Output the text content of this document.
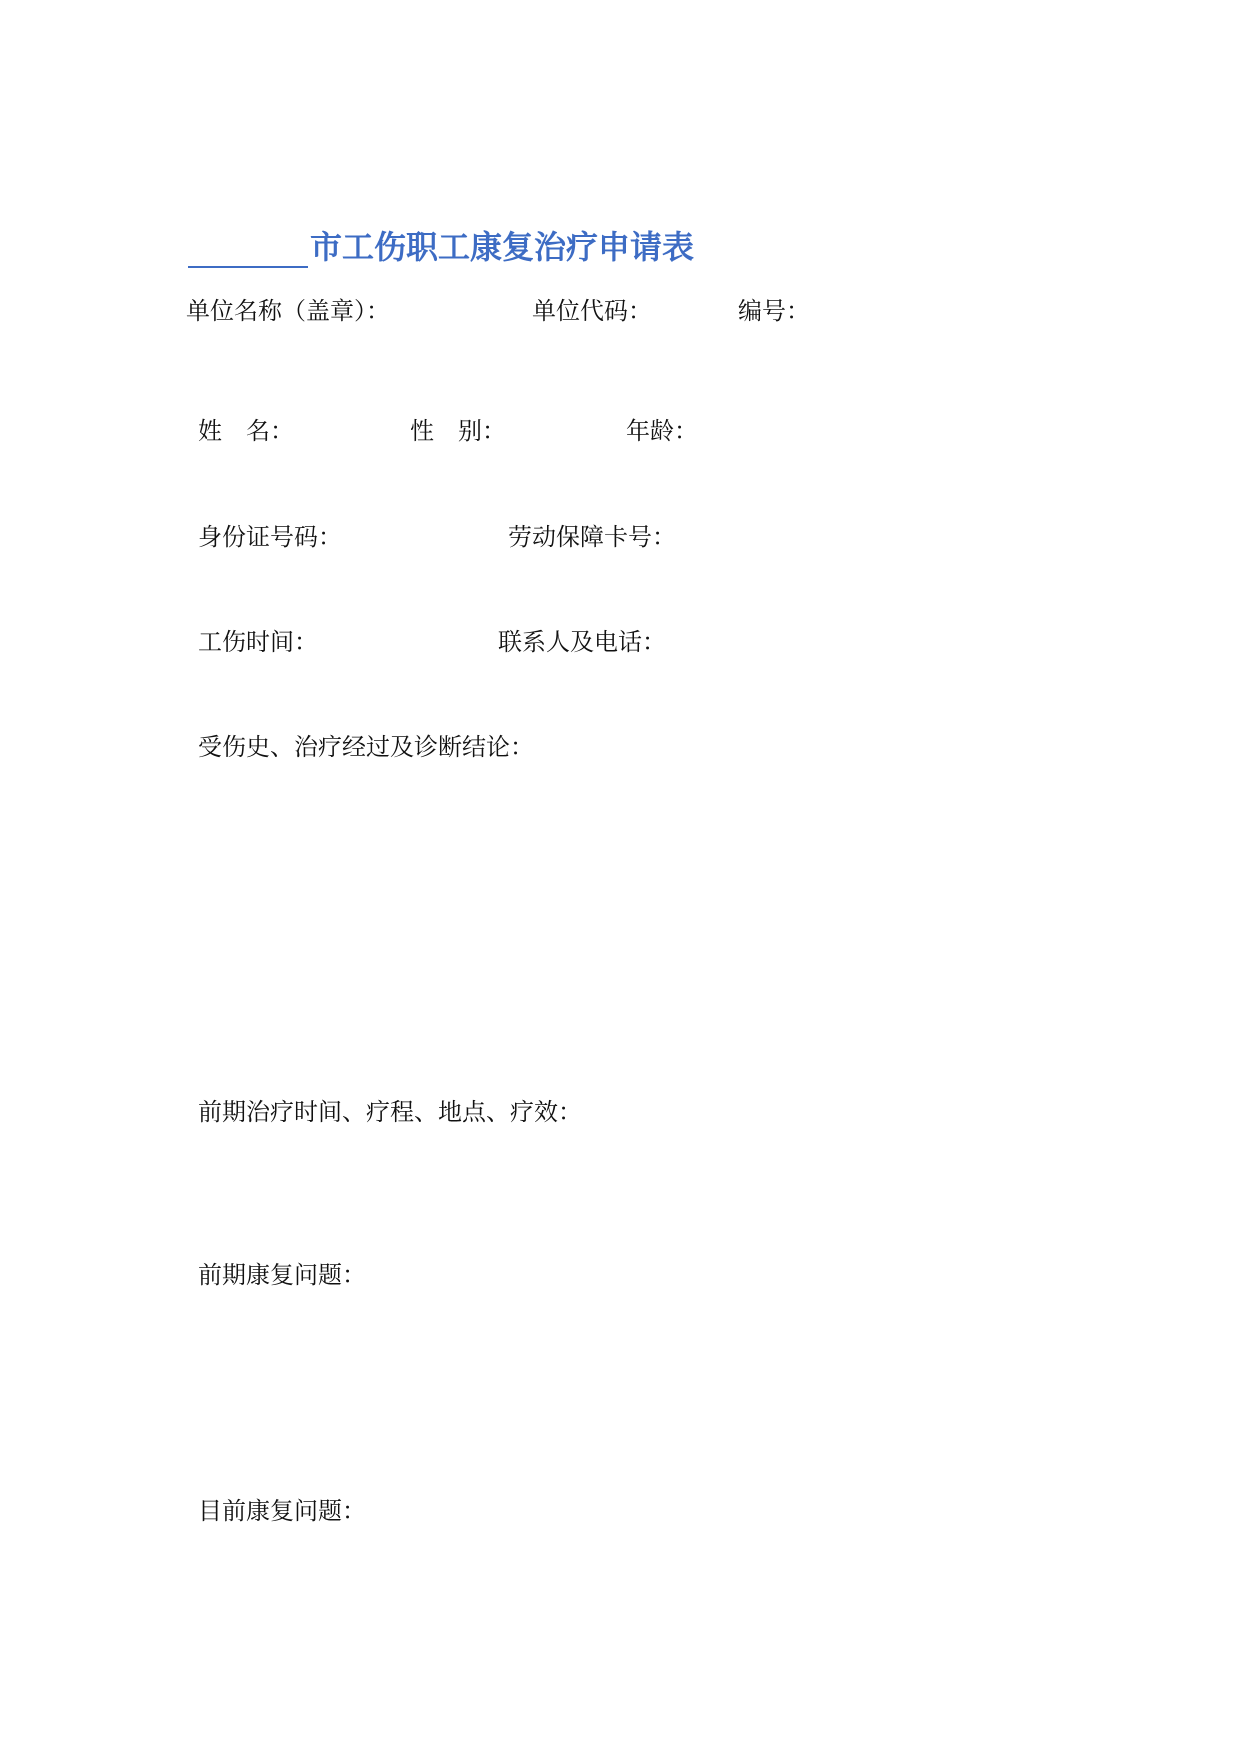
市工伤职工康复治疗申请表
单位名称（盖章）：	单位代码：	编号：
姓　名：	性　别：	年龄：
身份证号码：	劳动保障卡号：
工伤时间：	联系人及电话：
受伤史、治疗经过及诊断结论：
前期治疗时间、疗程、地点、疗效：
前期康复问题：
目前康复问题：
